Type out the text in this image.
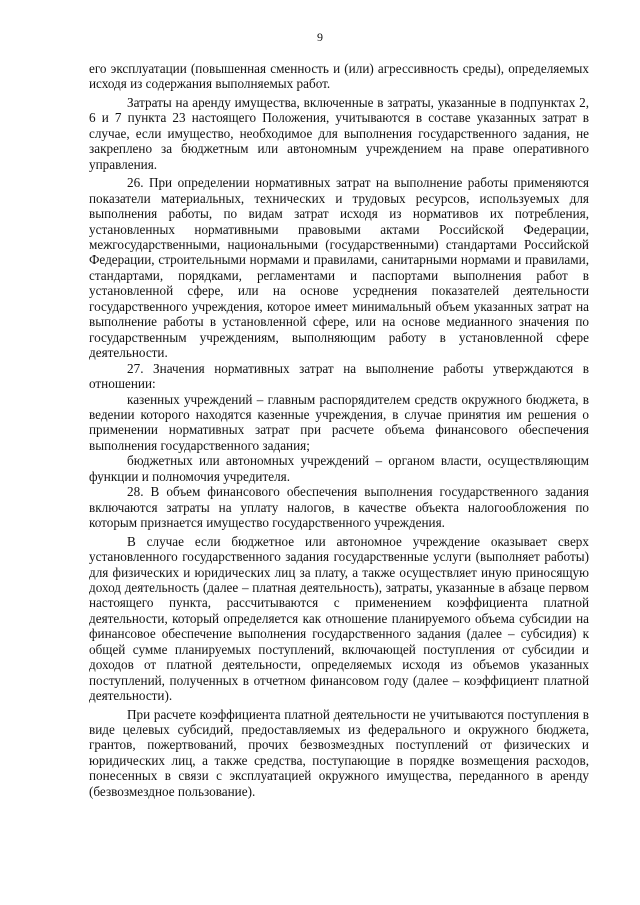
9

его эксплуатации (повышенная сменность и (или) агрессивность среды), определяемых исходя из содержания выполняемых работ.

Затраты на аренду имущества, включенные в затраты, указанные в подпунктах 2, 6 и 7 пункта 23 настоящего Положения, учитываются в составе указанных затрат в случае, если имущество, необходимое для выполнения государственного задания, не закреплено за бюджетным или автономным учреждением на праве оперативного управления.

26. При определении нормативных затрат на выполнение работы применяются показатели материальных, технических и трудовых ресурсов, используемых для выполнения работы, по видам затрат исходя из нормативов их потребления, установленных нормативными правовыми актами Российской Федерации, межгосударственными, национальными (государственными) стандартами Российской Федерации, строительными нормами и правилами, санитарными нормами и правилами, стандартами, порядками, регламентами и паспортами выполнения работ в установленной сфере, или на основе усреднения показателей деятельности государственного учреждения, которое имеет минимальный объем указанных затрат на выполнение работы в установленной сфере, или на основе медианного значения по государственным учреждениям, выполняющим работу в установленной сфере деятельности.

27. Значения нормативных затрат на выполнение работы утверждаются в отношении:

казенных учреждений – главным распорядителем средств окружного бюджета, в ведении которого находятся казенные учреждения, в случае принятия им решения о применении нормативных затрат при расчете объема финансового обеспечения выполнения государственного задания;

бюджетных или автономных учреждений – органом власти, осуществляющим функции и полномочия учредителя.

28. В объем финансового обеспечения выполнения государственного задания включаются затраты на уплату налогов, в качестве объекта налогообложения по которым признается имущество государственного учреждения.

В случае если бюджетное или автономное учреждение оказывает сверх установленного государственного задания государственные услуги (выполняет работы) для физических и юридических лиц за плату, а также осуществляет иную приносящую доход деятельность (далее – платная деятельность), затраты, указанные в абзаце первом настоящего пункта, рассчитываются с применением коэффициента платной деятельности, который определяется как отношение планируемого объема субсидии на финансовое обеспечение выполнения государственного задания (далее – субсидия) к общей сумме планируемых поступлений, включающей поступления от субсидии и доходов от платной деятельности, определяемых исходя из объемов указанных поступлений, полученных в отчетном финансовом году (далее – коэффициент платной деятельности).

При расчете коэффициента платной деятельности не учитываются поступления в виде целевых субсидий, предоставляемых из федерального и окружного бюджета, грантов, пожертвований, прочих безвозмездных поступлений от физических и юридических лиц, а также средства, поступающие в порядке возмещения расходов, понесенных в связи с эксплуатацией окружного имущества, переданного в аренду (безвозмездное пользование).
